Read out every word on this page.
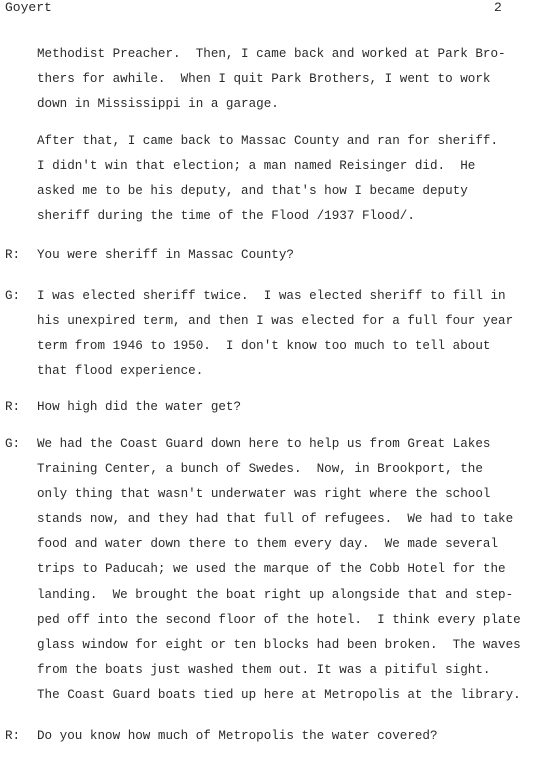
Goyert	2
Methodist Preacher.  Then, I came back and worked at Park Bro-
thers for awhile.  When I quit Park Brothers, I went to work
down in Mississippi in a garage.
After that, I came back to Massac County and ran for sheriff.
I didn't win that election; a man named Reisinger did.  He
asked me to be his deputy, and that's how I became deputy
sheriff during the time of the Flood /1937 Flood/.
R: You were sheriff in Massac County?
G: I was elected sheriff twice.  I was elected sheriff to fill in
his unexpired term, and then I was elected for a full four year
term from 1946 to 1950.  I don't know too much to tell about
that flood experience.
R: How high did the water get?
G: We had the Coast Guard down here to help us from Great Lakes
Training Center, a bunch of Swedes.  Now, in Brookport, the
only thing that wasn't underwater was right where the school
stands now, and they had that full of refugees.  We had to take
food and water down there to them every day.  We made several
trips to Paducah; we used the marque of the Cobb Hotel for the
landing.  We brought the boat right up alongside that and step-
ped off into the second floor of the hotel.  I think every plate
glass window for eight or ten blocks had been broken.  The waves
from the boats just washed them out. It was a pitiful sight.
The Coast Guard boats tied up here at Metropolis at the library.
R: Do you know how much of Metropolis the water covered?
